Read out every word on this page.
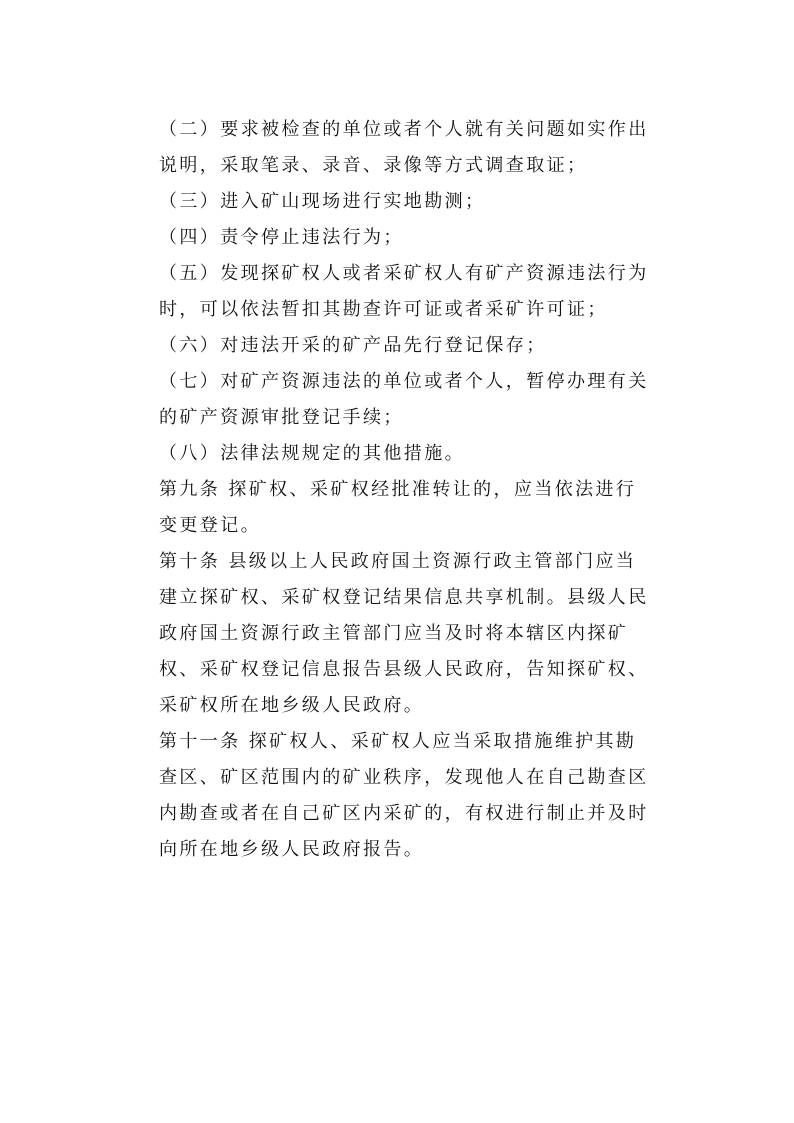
（二）要求被检查的单位或者个人就有关问题如实作出
说明，采取笔录、录音、录像等方式调查取证；
（三）进入矿山现场进行实地勘测；
（四）责令停止违法行为；
（五）发现探矿权人或者采矿权人有矿产资源违法行为
时，可以依法暂扣其勘查许可证或者采矿许可证；
（六）对违法开采的矿产品先行登记保存；
（七）对矿产资源违法的单位或者个人，暂停办理有关
的矿产资源审批登记手续；
（八）法律法规规定的其他措施。
第九条 探矿权、采矿权经批准转让的，应当依法进行
变更登记。
第十条 县级以上人民政府国土资源行政主管部门应当
建立探矿权、采矿权登记结果信息共享机制。县级人民
政府国土资源行政主管部门应当及时将本辖区内探矿
权、采矿权登记信息报告县级人民政府，告知探矿权、
采矿权所在地乡级人民政府。
第十一条 探矿权人、采矿权人应当采取措施维护其勘
查区、矿区范围内的矿业秩序，发现他人在自己勘查区
内勘查或者在自己矿区内采矿的，有权进行制止并及时
向所在地乡级人民政府报告。
